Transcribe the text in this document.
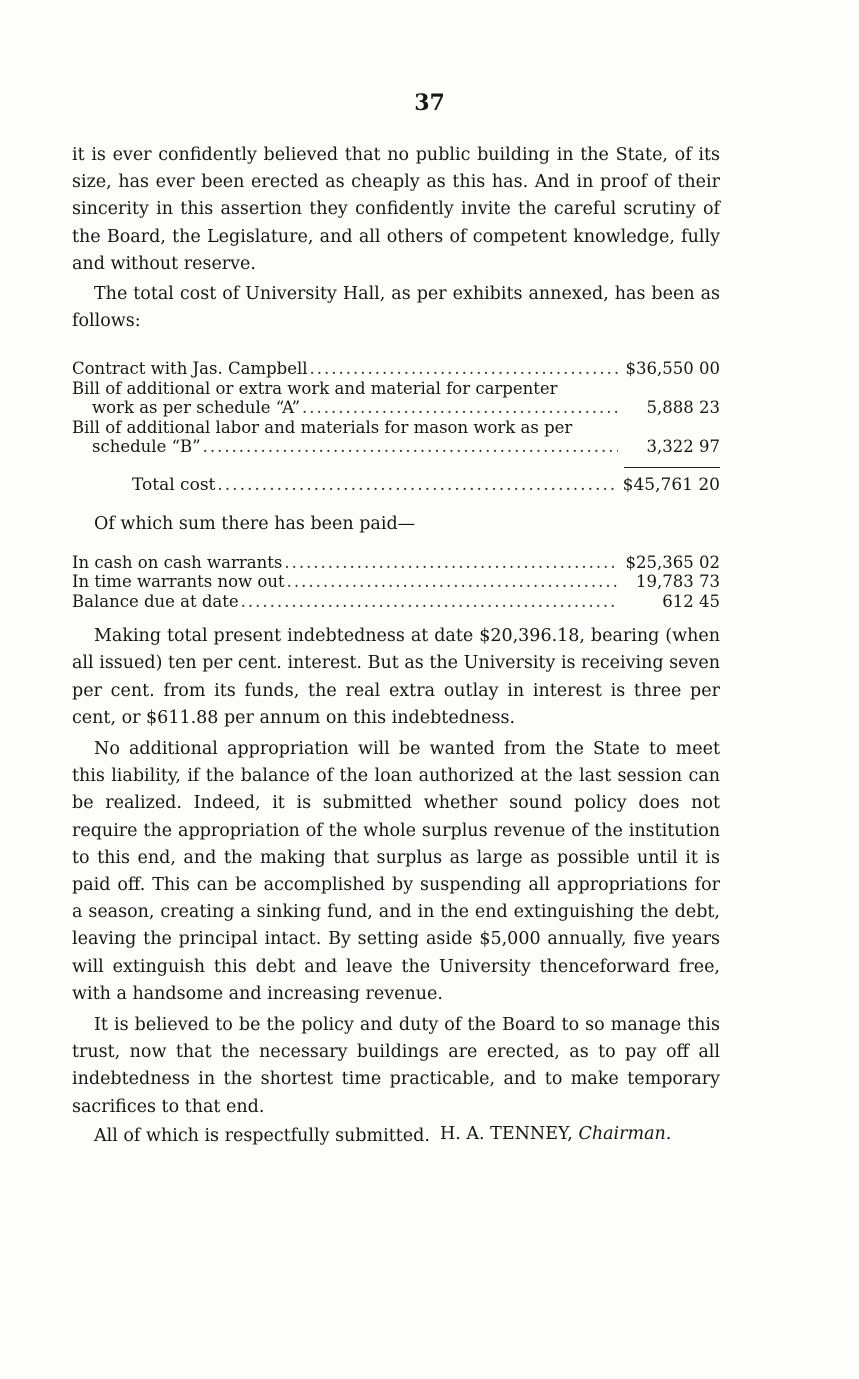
37

it is ever confidently believed that no public building in the State, of its size, has ever been erected as cheaply as this has. And in proof of their sincerity in this assertion they confidently invite the careful scrutiny of the Board, the Legislature, and all others of competent knowledge, fully and without reserve.

The total cost of University Hall, as per exhibits annexed, has been as follows:

Contract with Jas. Campbell .....	$36,550 00
Bill of additional or extra work and material for carpenter
work as per schedule “A” .....	5,888 23
Bill of additional labor and materials for mason work as per
schedule “B” .....	3,322 97
Total cost .....	$45,761 20

Of which sum there has been paid—

In cash on cash warrants .....	$25,365 02
In time warrants now out .....	19,783 73
Balance due at date .....	612 45

Making total present indebtedness at date $20,396.18, bearing (when all issued) ten per cent. interest. But as the University is receiving seven per cent. from its funds, the real extra outlay in interest is three per cent, or $611.88 per annum on this indebtedness.

No additional appropriation will be wanted from the State to meet this liability, if the balance of the loan authorized at the last session can be realized. Indeed, it is submitted whether sound policy does not require the appropriation of the whole surplus revenue of the institution to this end, and the making that surplus as large as possible until it is paid off. This can be accomplished by suspending all appropriations for a season, creating a sinking fund, and in the end extinguishing the debt, leaving the principal intact. By setting aside $5,000 annually, five years will extinguish this debt and leave the University thenceforward free, with a handsome and increasing revenue.

It is believed to be the policy and duty of the Board to so manage this trust, now that the necessary buildings are erected, as to pay off all indebtedness in the shortest time practicable, and to make temporary sacrifices to that end.

All of which is respectfully submitted. H. A. TENNEY, Chairman.
